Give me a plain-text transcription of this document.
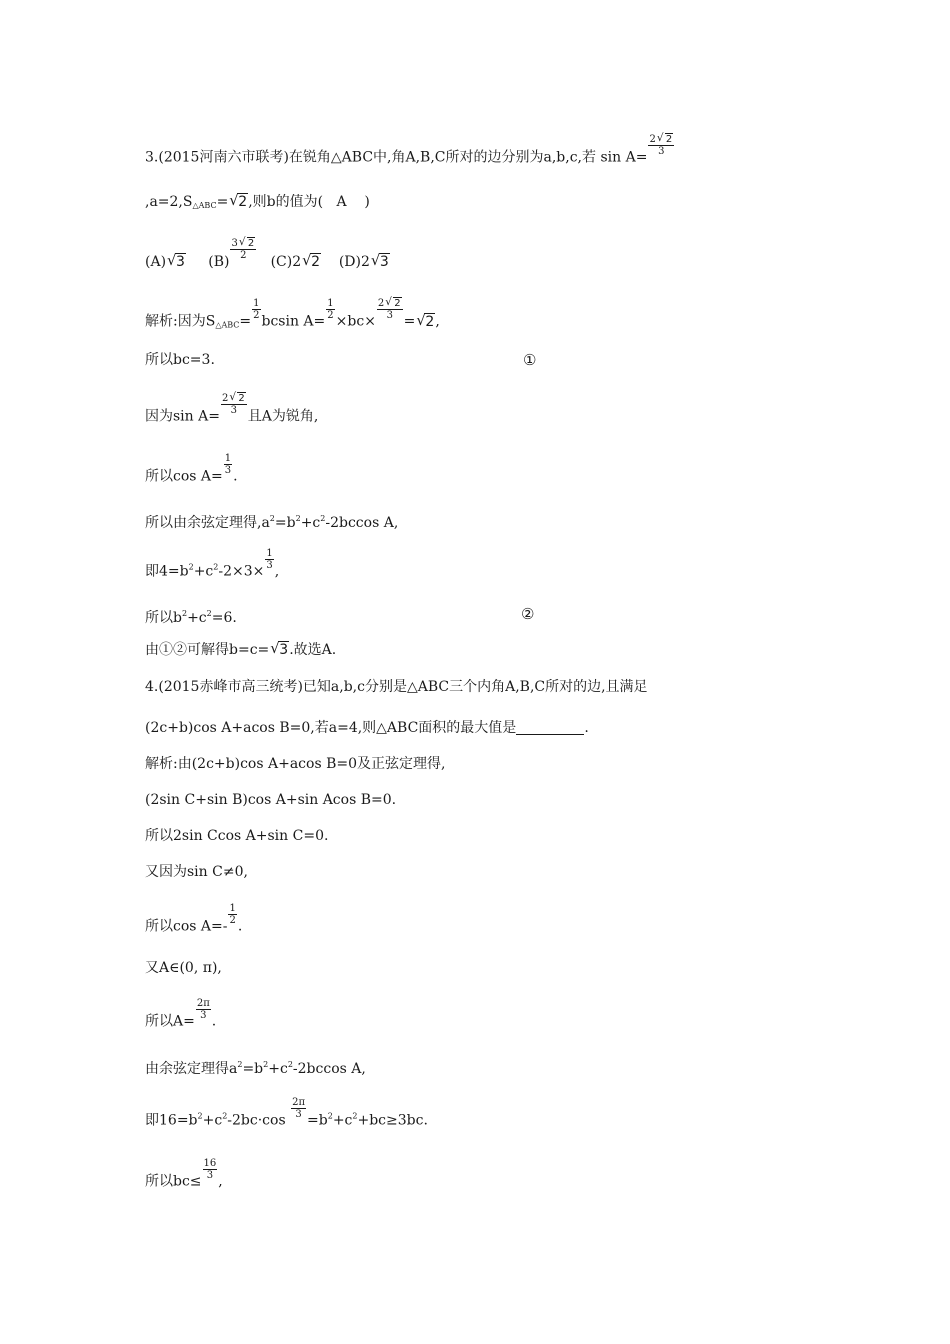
3.(2015河南六市联考)在锐角△ABC中,角A,B,C所对的边分别为a,b,c,若 sin A=
$\frac{2√ 2}{3}$
$,a=2,S_{\triangle ABC}=√$ 2,则b的值为( A )
(A)√ 3 (B)
$\frac{3√ 2}{2}$
(C)2√ 2 (D)2√ 3
解析:因为$S_{\triangle ABC}=$
$\frac{1}{2}$
bcsin A=
$\frac{1}{2}$
×bc×
$\frac{2√ 2}{3}$
=√ 2,
所以bc=3.	①
因为sin A=
$\frac{2√ 2}{3}$
且A为锐角,
所以cos A=
$\frac{1}{3}$
.
所以由余弦定理得$,a^2=b^2+c^2-2bccos$ A,
即$4=b^2+c^2-2\times 3\times$
$\frac{1}{3}$
,
所以$b^2+c^2=6$.	②
由①②可解得b=c=√ 3.故选A.
4.(2015赤峰市高三统考)已知a,b,c分别是△ABC三个内角A,B,C所对的边,且满足
(2c+b)cos A+acos B=0,若a=4,则△ABC面积的最大值是	.
解析:由(2c+b)cos A+acos B=0及正弦定理得,
(2sin C+sin B)cos A+sin Acos B=0.
所以2sin Ccos A+sin C=0.
又因为sin C≠0,
所以cos A=-
$\frac{1}{2}$
.
又A∈(0, π),
所以A=
$\frac{2\pi}{3}$
.
由余弦定理得$a^2=b^2+c^2-2bccos$ A,
即$16=b^2+c^2-2bc\cdot\cos$
$\frac{2\pi}{3}$
$=b^2+c^2+bc\ge 3bc$.
所以bc≤
$\frac{16}{3}$
,
